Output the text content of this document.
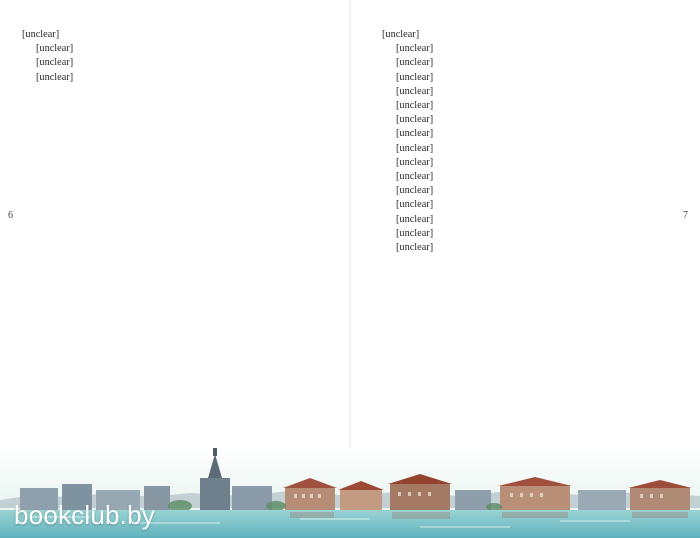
6	7

[unclear]

[unclear]

[unclear]

[unclear]

[unclear]

[unclear]

[unclear]

[unclear]

[unclear]

[unclear]

[unclear]

[unclear]

[unclear]

[unclear]

[unclear]

[unclear]

[unclear]

[unclear]

[unclear]

[unclear]

bookclub.by
